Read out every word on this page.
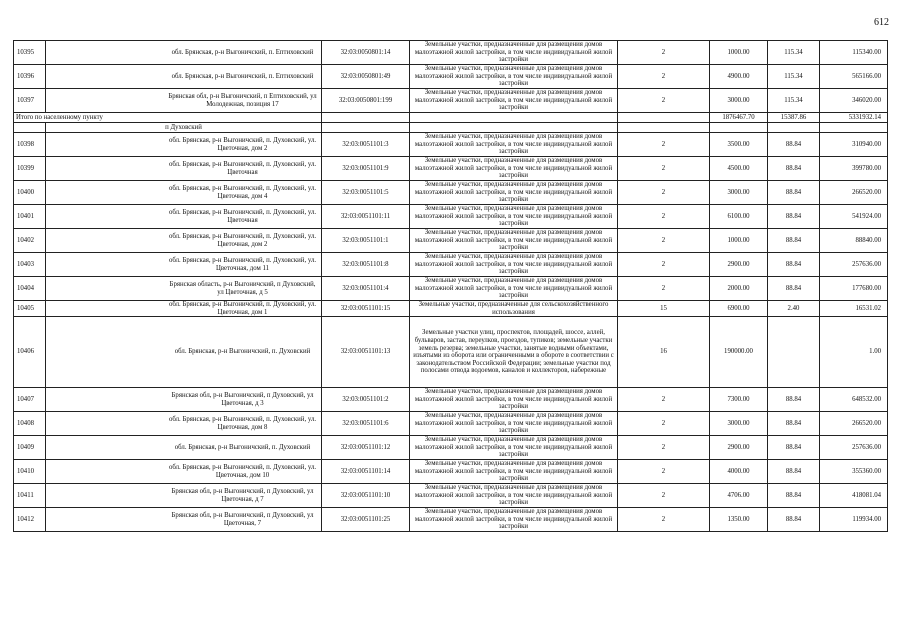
612
10395	обл. Брянская, р-н Выгоничский, п. Ептиховский	32:03:0050801:14	Земельные участки, предназначенные для размещения домов малоэтажной жилой застройки, в том числе индивидуальной жилой застройки	2	1000.00	115.34	115340.00
10396	обл. Брянская, р-н Выгоничский, п. Ептиховский	32:03:0050801:49	Земельные участки, предназначенные для размещения домов малоэтажной жилой застройки, в том числе индивидуальной жилой застройки	2	4900.00	115.34	565166.00
10397	Брянская обл, р-н Выгоничский, п Ептиховский, ул Молодежная, позиция 17	32:03:0050801:199	Земельные участки, предназначенные для размещения домов малоэтажной жилой застройки, в том числе индивидуальной жилой застройки	2	3000.00	115.34	346020.00
Итого по населенному пункту					1876467.70	15387.86	5331932.14
	п Духовский						
10398	обл. Брянская, р-н Выгоничский, п. Духовский, ул. Цветочная, дом 2	32:03:0051101:3	Земельные участки, предназначенные для размещения домов малоэтажной жилой застройки, в том числе индивидуальной жилой застройки	2	3500.00	88.84	310940.00
10399	обл. Брянская, р-н Выгоничский, п. Духовский, ул. Цветочная	32:03:0051101:9	Земельные участки, предназначенные для размещения домов малоэтажной жилой застройки, в том числе индивидуальной жилой застройки	2	4500.00	88.84	399780.00
10400	обл. Брянская, р-н Выгоничский, п. Духовский, ул. Цветочная, дом 4	32:03:0051101:5	Земельные участки, предназначенные для размещения домов малоэтажной жилой застройки, в том числе индивидуальной жилой застройки	2	3000.00	88.84	266520.00
10401	обл. Брянская, р-н Выгоничский, п. Духовский, ул. Цветочная	32:03:0051101:11	Земельные участки, предназначенные для размещения домов малоэтажной жилой застройки, в том числе индивидуальной жилой застройки	2	6100.00	88.84	541924.00
10402	обл. Брянская, р-н Выгоничский, п. Духовский, ул. Цветочная, дом 2	32:03:0051101:1	Земельные участки, предназначенные для размещения домов малоэтажной жилой застройки, в том числе индивидуальной жилой застройки	2	1000.00	88.84	88840.00
10403	обл. Брянская, р-н Выгоничский, п. Духовский, ул. Цветочная, дом 11	32:03:0051101:8	Земельные участки, предназначенные для размещения домов малоэтажной жилой застройки, в том числе индивидуальной жилой застройки	2	2900.00	88.84	257636.00
10404	Брянская область, р-н Выгоничский, п Духовский, ул Цветочная, д 5	32:03:0051101:4	Земельные участки, предназначенные для размещения домов малоэтажной жилой застройки, в том числе индивидуальной жилой застройки	2	2000.00	88.84	177680.00
10405	обл. Брянская, р-н Выгоничский, п. Духовский, ул. Цветочная, дом 1	32:03:0051101:15	Земельные участки, предназначенные для сельскохозяйственного использования	15	6900.00	2.40	16531.02
10406	обл. Брянская, р-н Выгоничский, п. Духовский	32:03:0051101:13	Земельные участки улиц, проспектов, площадей, шоссе, аллей, бульваров, застав, переулков, проездов, тупиков; земельные участки земель резерва; земельные участки, занятые водными объектами, изъятыми из оборота или ограниченными в обороте в соответствии с законодательством Российской Федерации; земельные участки под полосами отвода водоемов, каналов и коллекторов, набережные	16	190000.00		1.00
10407	Брянская обл, р-н Выгоничский, п Духовский, ул Цветочная, д 3	32:03:0051101:2	Земельные участки, предназначенные для размещения домов малоэтажной жилой застройки, в том числе индивидуальной жилой застройки	2	7300.00	88.84	648532.00
10408	обл. Брянская, р-н Выгоничский, п. Духовский, ул. Цветочная, дом 8	32:03:0051101:6	Земельные участки, предназначенные для размещения домов малоэтажной жилой застройки, в том числе индивидуальной жилой застройки	2	3000.00	88.84	266520.00
10409	обл. Брянская, р-н Выгоничский, п. Духовский	32:03:0051101:12	Земельные участки, предназначенные для размещения домов малоэтажной жилой застройки, в том числе индивидуальной жилой застройки	2	2900.00	88.84	257636.00
10410	обл. Брянская, р-н Выгоничский, п. Духовский, ул. Цветочная, дом 10	32:03:0051101:14	Земельные участки, предназначенные для размещения домов малоэтажной жилой застройки, в том числе индивидуальной жилой застройки	2	4000.00	88.84	355360.00
10411	Брянская обл, р-н Выгоничский, п Духовский, ул Цветочная, д 7	32:03:0051101:10	Земельные участки, предназначенные для размещения домов малоэтажной жилой застройки, в том числе индивидуальной жилой застройки	2	4706.00	88.84	418081.04
10412	Брянская обл, р-н Выгоничский, п Духовский, ул Цветочная, 7	32:03:0051101:25	Земельные участки, предназначенные для размещения домов малоэтажной жилой застройки, в том числе индивидуальной жилой застройки	2	1350.00	88.84	119934.00
